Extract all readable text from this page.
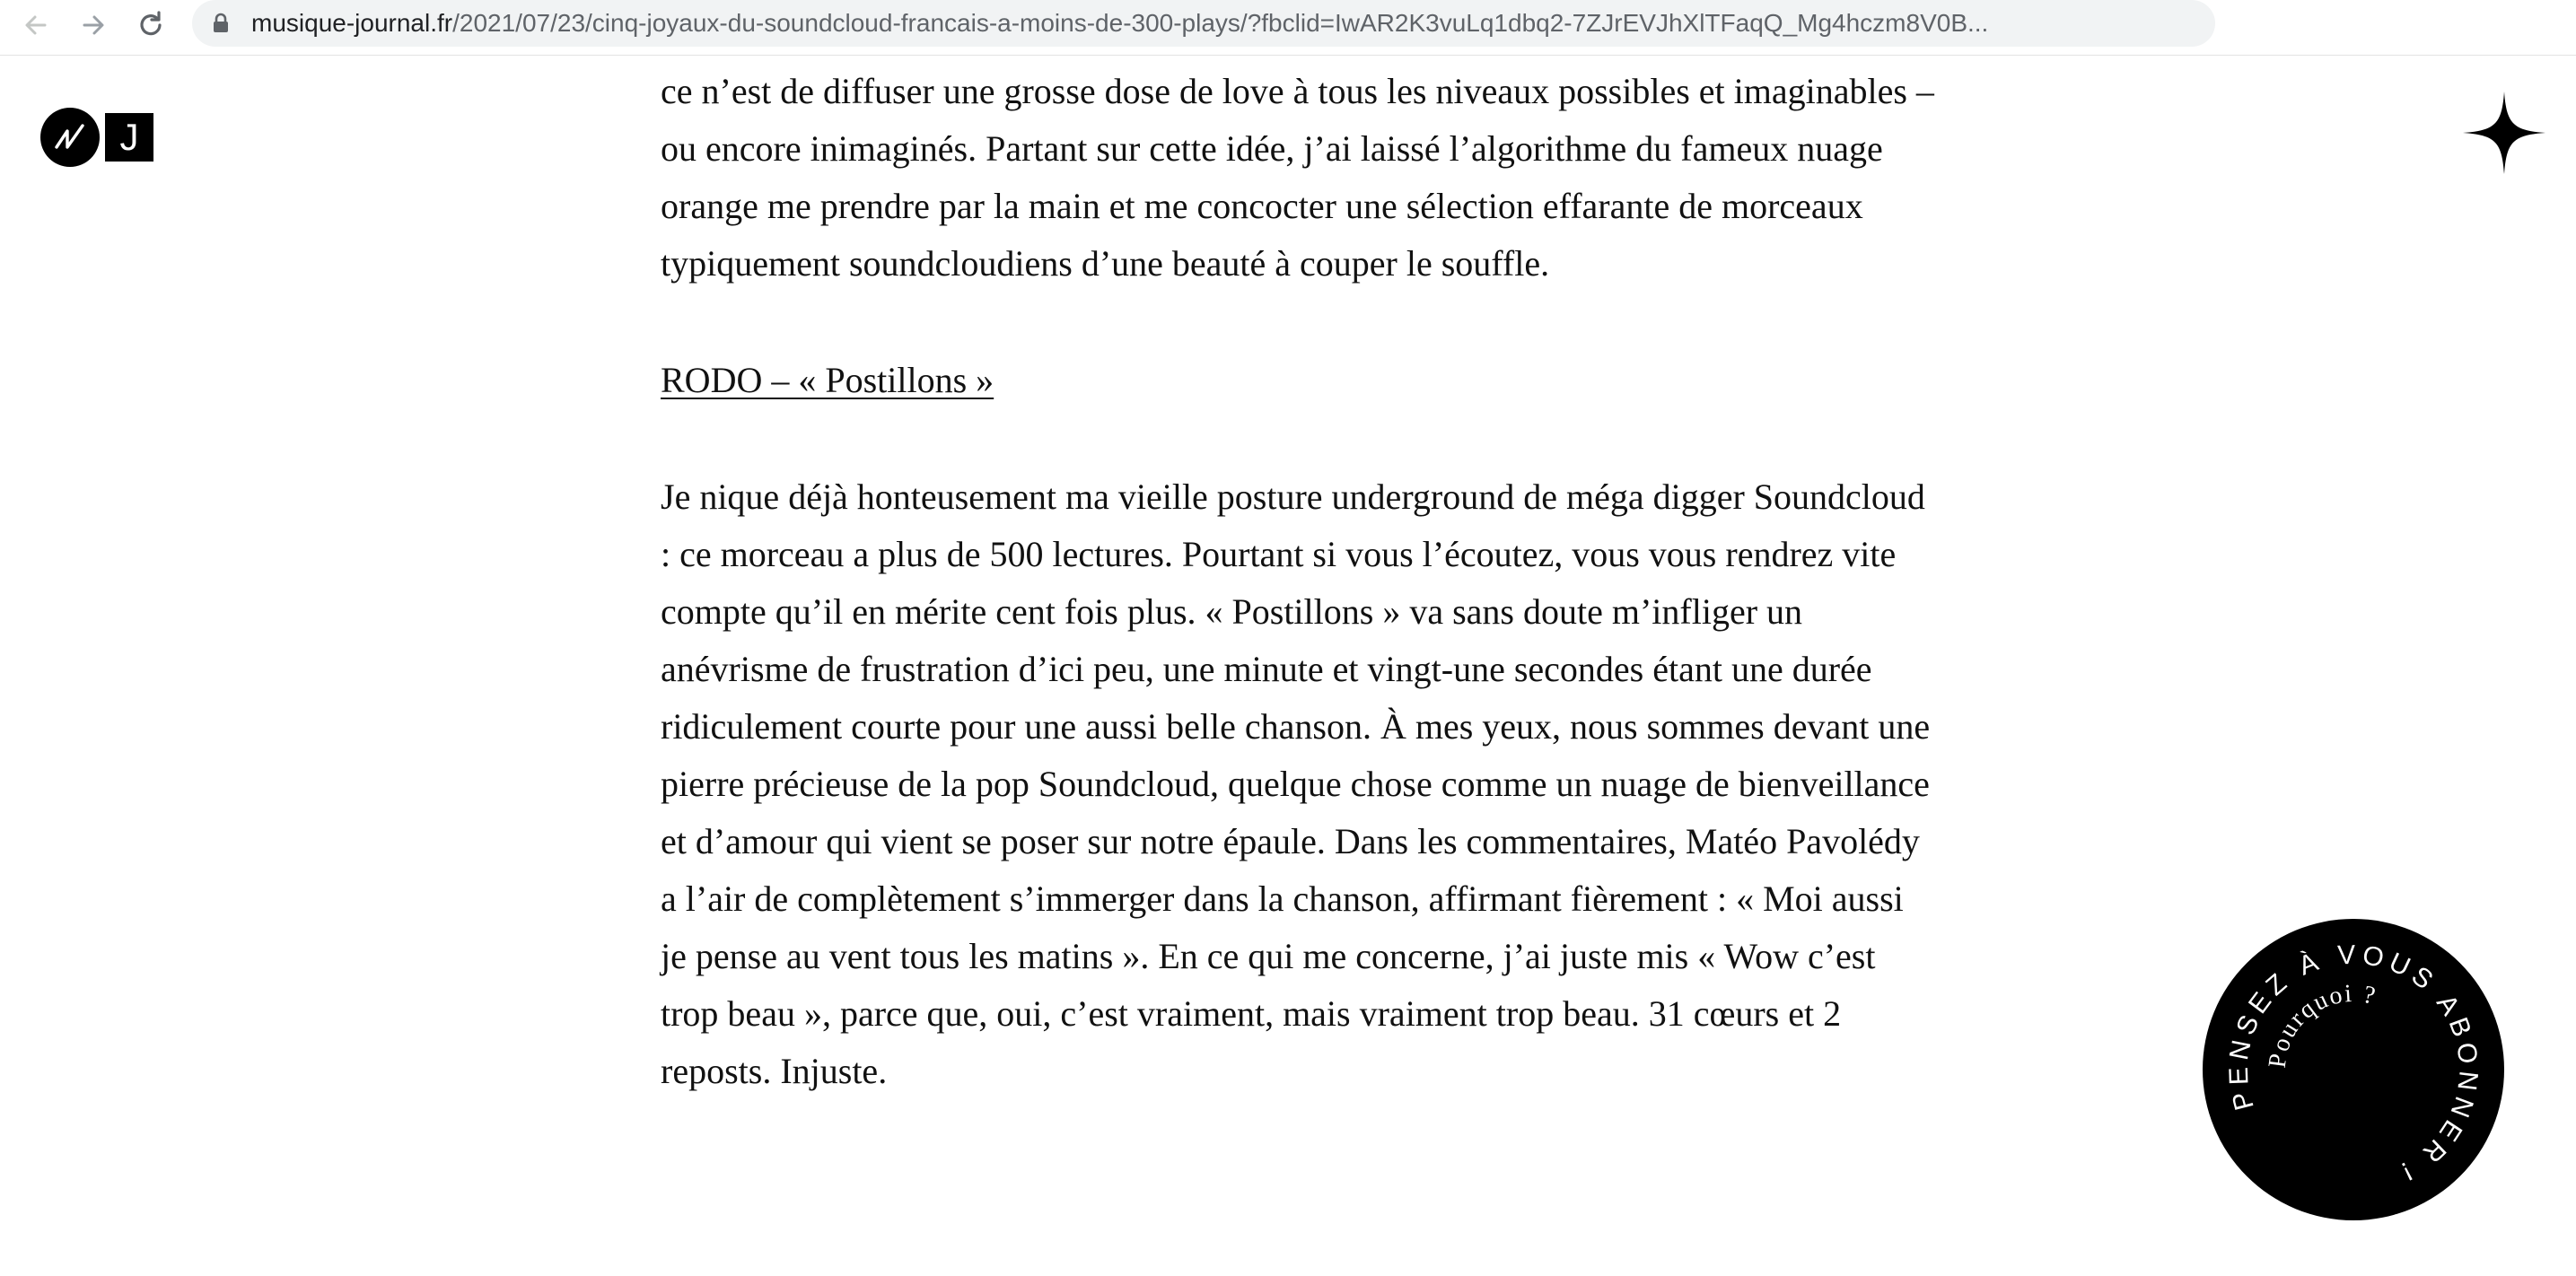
musique-journal.fr/2021/07/23/cinq-joyaux-du-soundcloud-francais-a-moins-de-300-plays/?fbclid=IwAR2K3vuLq1dbq2-7ZJrEVJhXlTFaqQ_Mg4hczm8V0B...
J

ce n’est de diffuser une grosse dose de love à tous les niveaux possibles et imaginables – ou encore inimaginés. Partant sur cette idée, j’ai laissé l’algorithme du fameux nuage orange me prendre par la main et me concocter une sélection effarante de morceaux typiquement soundcloudiens d’une beauté à couper le souffle.

RODO – « Postillons »

Je nique déjà honteusement ma vieille posture underground de méga digger Soundcloud : ce morceau a plus de 500 lectures. Pourtant si vous l’écoutez, vous vous rendrez vite compte qu’il en mérite cent fois plus. « Postillons » va sans doute m’infliger un anévrisme de frustration d’ici peu, une minute et vingt-une secondes étant une durée ridiculement courte pour une aussi belle chanson. À mes yeux, nous sommes devant une pierre précieuse de la pop Soundcloud, quelque chose comme un nuage de bienveillance et d’amour qui vient se poser sur notre épaule. Dans les commentaires, Matéo Pavolédy a l’air de complètement s’immerger dans la chanson, affirmant fièrement : « Moi aussi je pense au vent tous les matins ». En ce qui me concerne, j’ai juste mis « Wow c’est trop beau », parce que, oui, c’est vraiment, mais vraiment trop beau. 31 cœurs et 2 reposts. Injuste.

PENSEZ À VOUS ABONNER !
Pourquoi ?
